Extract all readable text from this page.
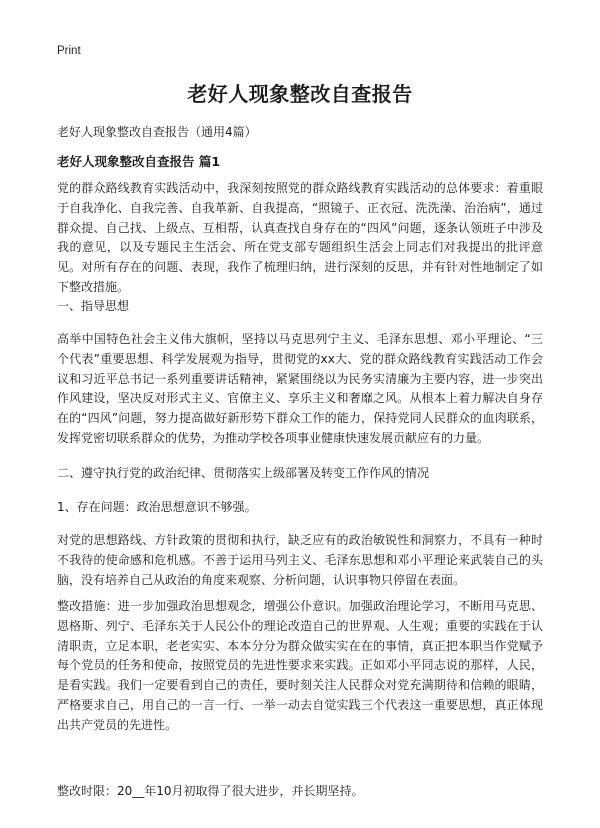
Print
老好人现象整改自查报告

老好人现象整改自查报告（通用4篇）

老好人现象整改自查报告 篇1

党的群众路线教育实践活动中，我深刻按照党的群众路线教育实践活动的总体要求：着重眼于自我净化、自我完善、自我革新、自我提高，“照镜子、正衣冠、洗洗澡、治治病”，通过群众提、自己找、上级点、互相帮，认真查找自身存在的“四风”问题，逐条认领班子中涉及我的意见，以及专题民主生活会、所在党支部专题组织生活会上同志们对我提出的批评意见。对所有存在的问题、表现，我作了梳理归纳，进行深刻的反思，并有针对性地制定了如下整改措施。

一、指导思想

高举中国特色社会主义伟大旗帜，坚持以马克思列宁主义、毛泽东思想、邓小平理论、“三个代表”重要思想、科学发展观为指导，贯彻党的xx大、党的群众路线教育实践活动工作会议和习近平总书记一系列重要讲话精神，紧紧围绕以为民务实清廉为主要内容，进一步突出作风建设，坚决反对形式主义、官僚主义、享乐主义和奢靡之风。从根本上着力解决自身存在的“四风”问题，努力提高做好新形势下群众工作的能力，保持党同人民群众的血肉联系，发挥党密切联系群众的优势，为推动学校各项事业健康快速发展贡献应有的力量。

二、遵守执行党的政治纪律、贯彻落实上级部署及转变工作作风的情况

1、存在问题：政治思想意识不够强。

对党的思想路线、方针政策的贯彻和执行，缺乏应有的政治敏锐性和洞察力，不具有一种时不我待的使命感和危机感。不善于运用马列主义、毛泽东思想和邓小平理论来武装自己的头脑，没有培养自己从政治的角度来观察、分析问题，认识事物只停留在表面。

整改措施：进一步加强政治思想观念，增强公仆意识。加强政治理论学习，不断用马克思、恩格斯、列宁、毛泽东关于人民公仆的理论改造自己的世界观、人生观；重要的实践在于认清职责，立足本职，老老实实、本本分分为群众做实实在在的事情，真正把本职当作党赋予每个党员的任务和使命，按照党员的先进性要求来实践。正如邓小平同志说的那样，人民，是看实践。我们一定要看到自己的责任，要时刻关注人民群众对党充满期待和信赖的眼睛，严格要求自己，用自己的一言一行、一举一动去自觉实践三个代表这一重要思想，真正体现出共产党员的先进性。

整改时限：20__年10月初取得了很大进步，并长期坚持。
